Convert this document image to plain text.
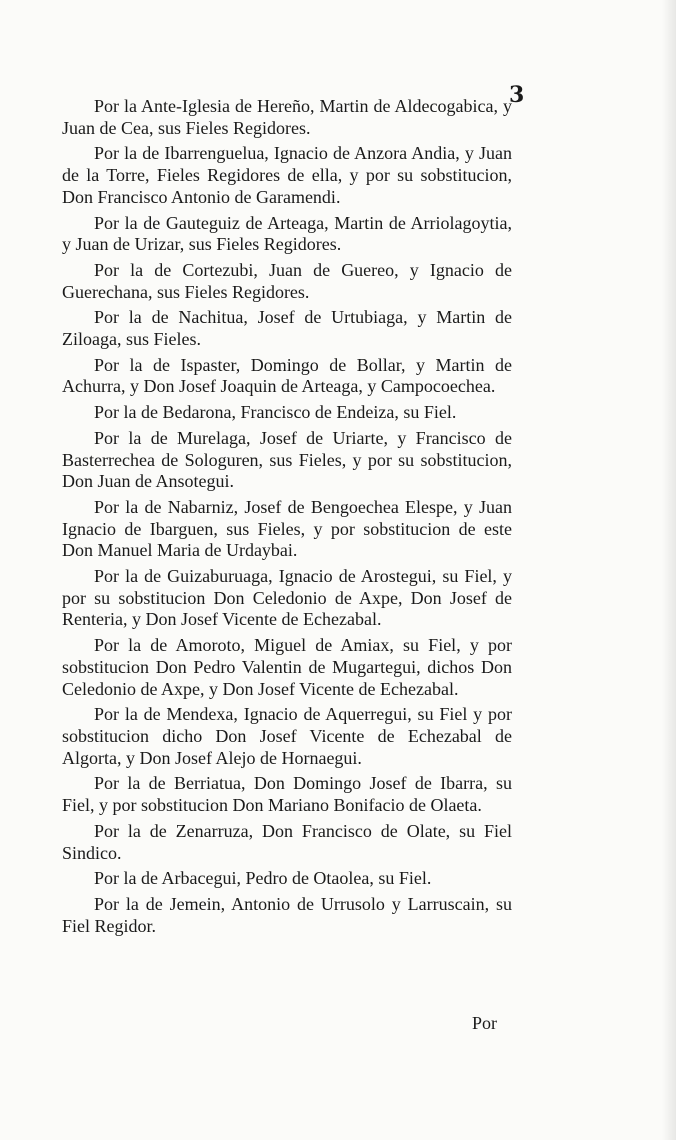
3

Por la Ante-Iglesia de Hereño, Martin de Aldecogabica, y Juan de Cea, sus Fieles Regidores.

Por la de Ibarrenguelua, Ignacio de Anzora Andia, y Juan de la Torre, Fieles Regidores de ella, y por su sobstitucion, Don Francisco Antonio de Garamendi.

Por la de Gauteguiz de Arteaga, Martin de Arriolagoytia, y Juan de Urizar, sus Fieles Regidores.

Por la de Cortezubi, Juan de Guereo, y Ignacio de Guerechana, sus Fieles Regidores.

Por la de Nachitua, Josef de Urtubiaga, y Martin de Ziloaga, sus Fieles.

Por la de Ispaster, Domingo de Bollar, y Martin de Achurra, y Don Josef Joaquin de Arteaga, y Campocoechea.

Por la de Bedarona, Francisco de Endeiza, su Fiel.

Por la de Murelaga, Josef de Uriarte, y Francisco de Basterrechea de Sologuren, sus Fieles, y por su sobstitucion, Don Juan de Ansotegui.

Por la de Nabarniz, Josef de Bengoechea Elespe, y Juan Ignacio de Ibarguen, sus Fieles, y por sobstitucion de este Don Manuel Maria de Urdaybai.

Por la de Guizaburuaga, Ignacio de Arostegui, su Fiel, y por su sobstitucion Don Celedonio de Axpe, Don Josef de Renteria, y Don Josef Vicente de Echezabal.

Por la de Amoroto, Miguel de Amiax, su Fiel, y por sobstitucion Don Pedro Valentin de Mugartegui, dichos Don Celedonio de Axpe, y Don Josef Vicente de Echezabal.

Por la de Mendexa, Ignacio de Aquerregui, su Fiel y por sobstitucion dicho Don Josef Vicente de Echezabal de Algorta, y Don Josef Alejo de Hornaegui.

Por la de Berriatua, Don Domingo Josef de Ibarra, su Fiel, y por sobstitucion Don Mariano Bonifacio de Olaeta.

Por la de Zenarruza, Don Francisco de Olate, su Fiel Sindico.

Por la de Arbacegui, Pedro de Otaolea, su Fiel.

Por la de Jemein, Antonio de Urrusolo y Larruscain, su Fiel Regidor.

Por
